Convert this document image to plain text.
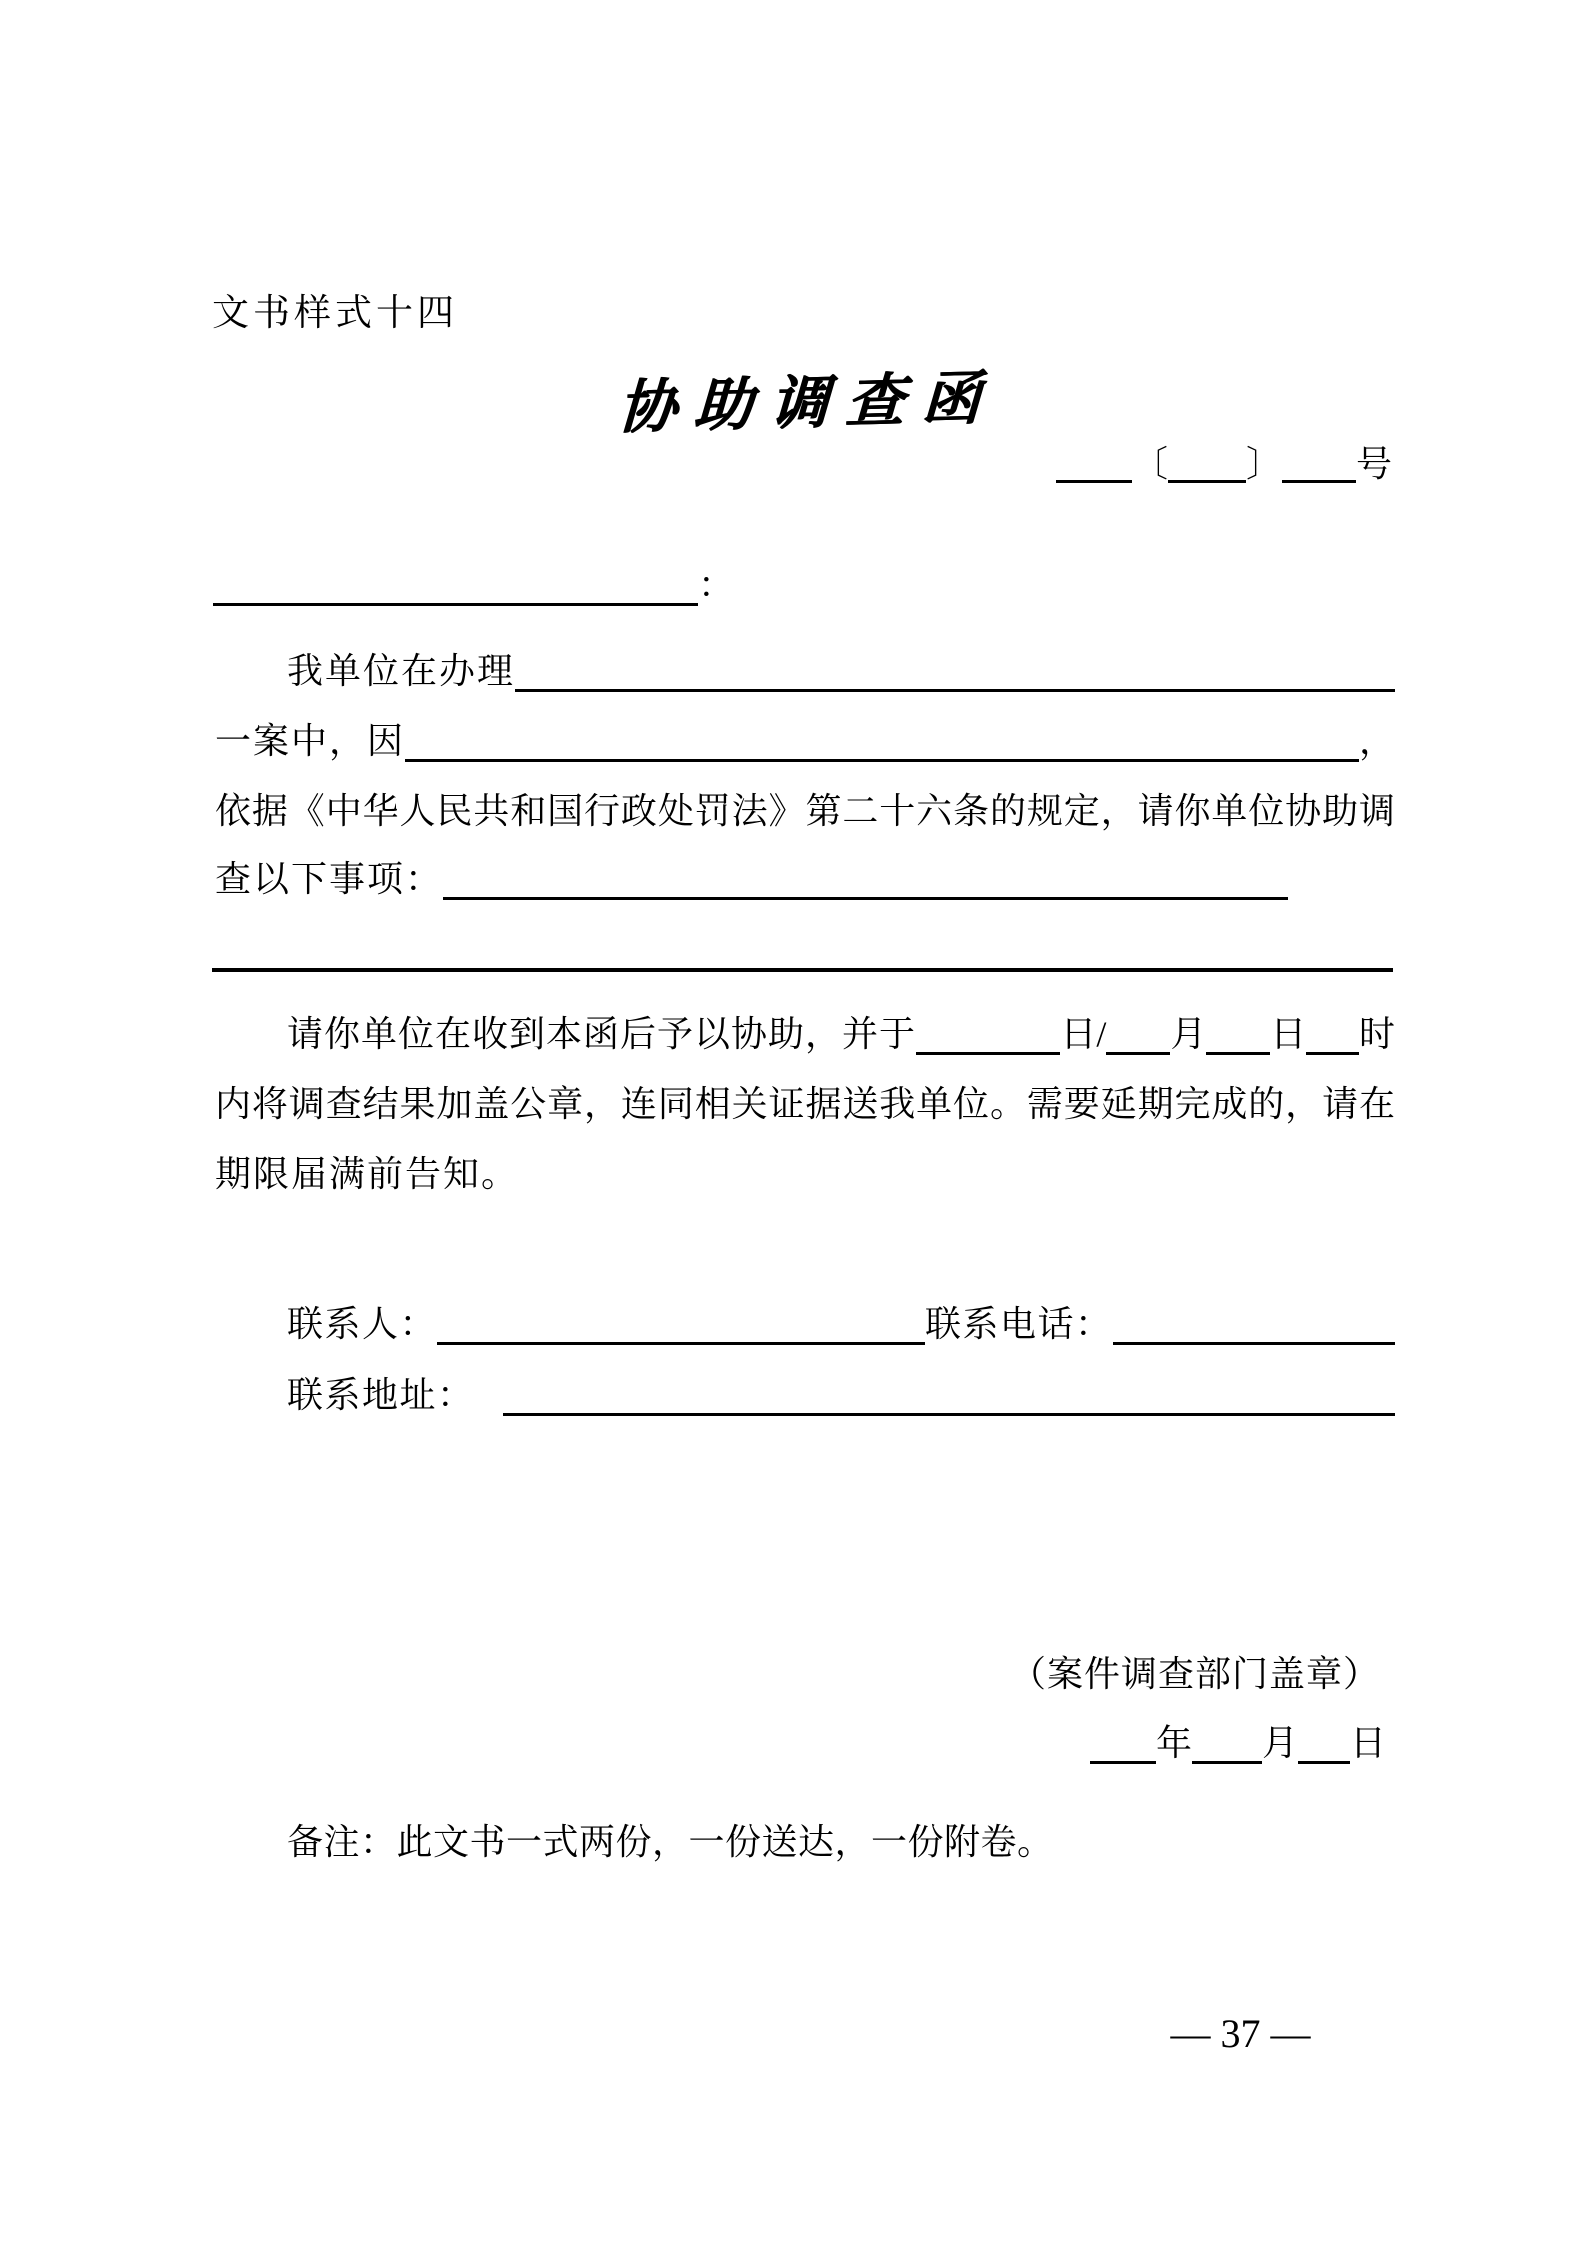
文书样式十四
协助调查函
〔 〕 号
：
我单位在办理
一案中，因	，
依据《中华人民共和国行政处罚法》第二十六条的规定，请你单位协助调
查以下事项：
请你单位在收到本函后予以协助，并于	日/ 月 日 时
内将调查结果加盖公章，连同相关证据送我单位。需要延期完成的，请在
期限届满前告知。
联系人：	联系电话：
联系地址：
（案件调查部门盖章）
年 月 日
备注：此文书一式两份，一份送达，一份附卷。
— 37 —
